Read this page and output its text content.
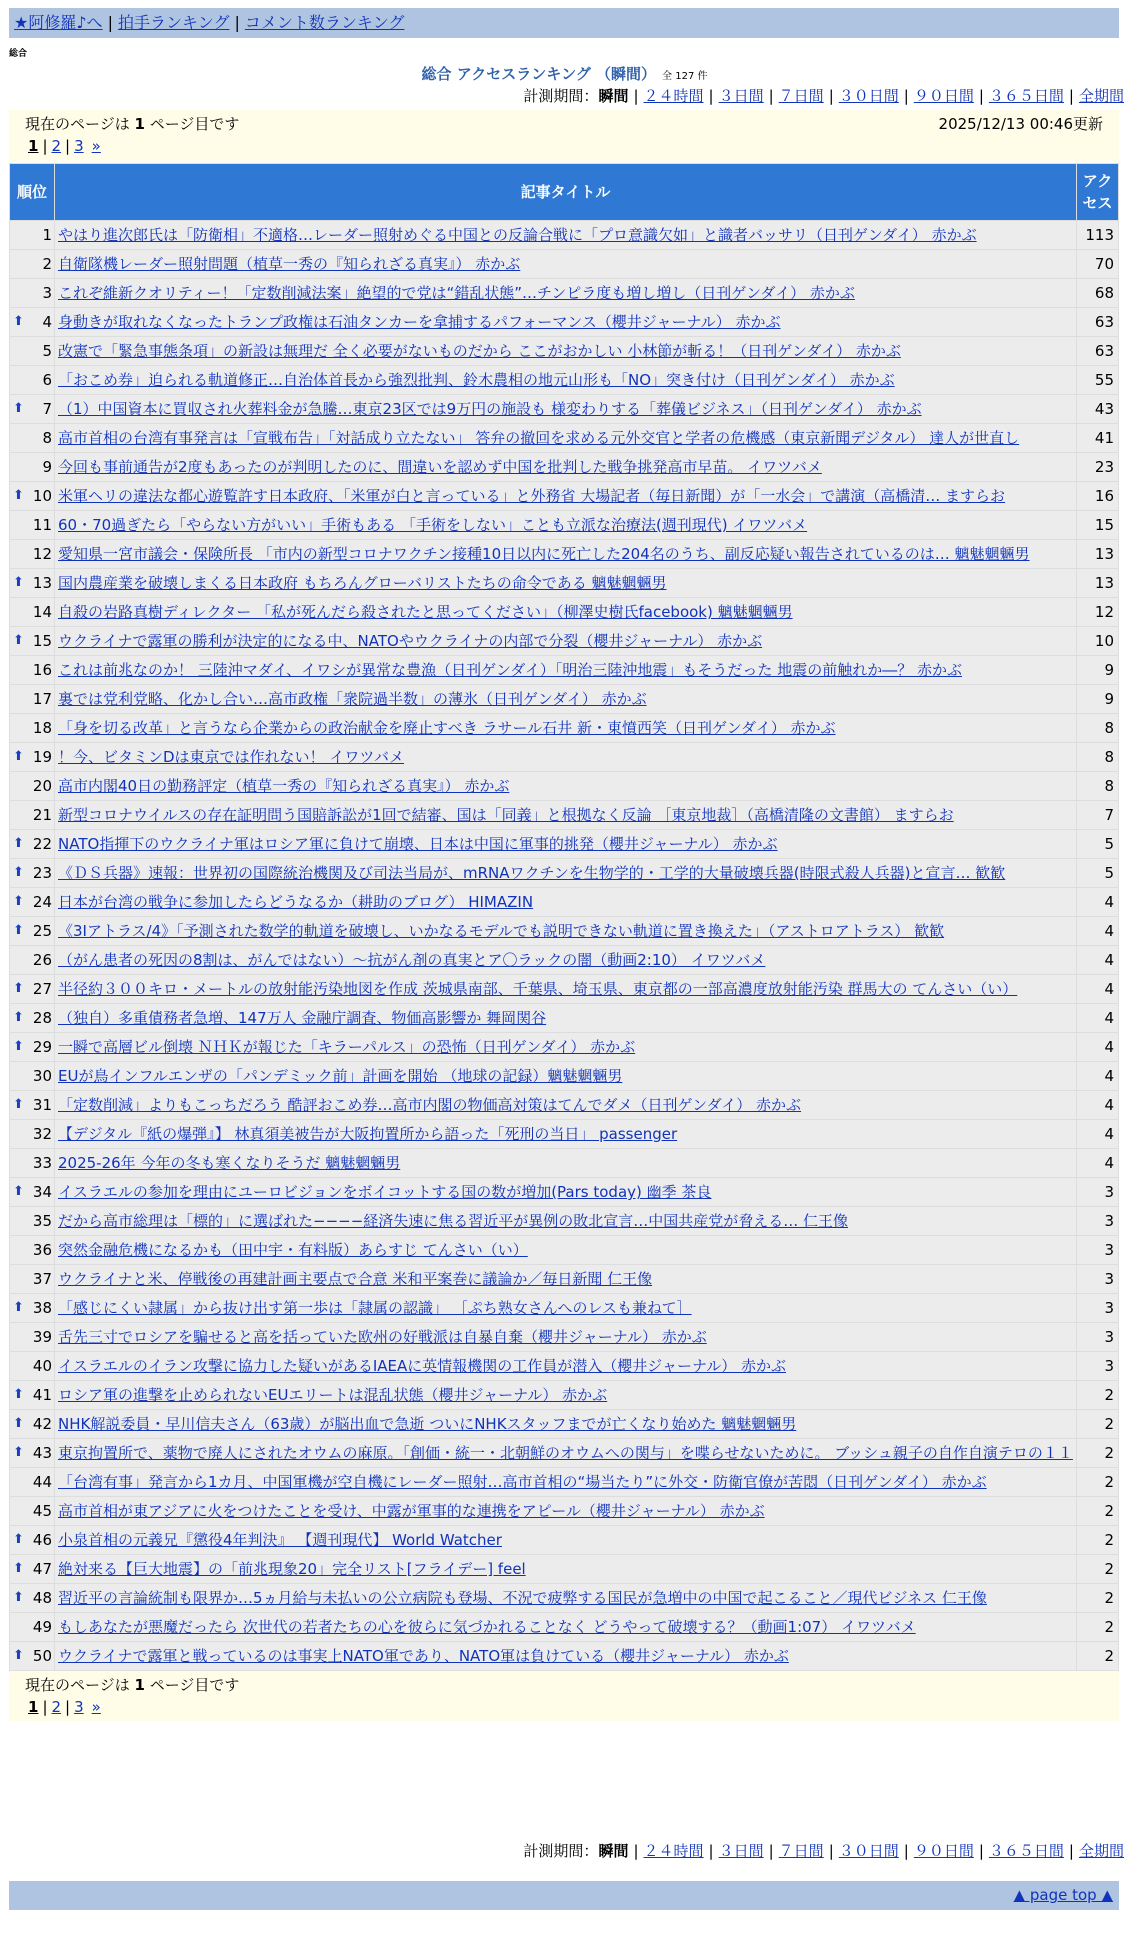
★阿修羅♪へ | 拍手ランキング | コメント数ランキング
総合
総合 アクセスランキング （瞬間） 全 127 件
計測期間：瞬間 | ２４時間 | ３日間 | ７日間 | ３０日間 | ９０日間 | ３６５日間 | 全期間
現在のページは 1 ページ目です	2025/12/13 00:46更新
1 | 2 | 3 »
順位	記事タイトル	アクセス
1	やはり進次郎氏は「防衛相」不適格…レーダー照射めぐる中国との反論合戦に「プロ意識欠如」と識者バッサリ（日刊ゲンダイ） 赤かぶ	113
2	自衛隊機レーダー照射問題（植草一秀の『知られざる真実』） 赤かぶ	70
3	これぞ維新クオリティー！「定数削減法案」絶望的で党は“錯乱状態”…チンピラ度も増し増し（日刊ゲンダイ） 赤かぶ	68

⬆ 4	身動きが取れなくなったトランプ政権は石油タンカーを拿捕するパフォーマンス（櫻井ジャーナル） 赤かぶ	63
5	改憲で「緊急事態条項」の新設は無理だ 全く必要がないものだから ここがおかしい 小林節が斬る！（日刊ゲンダイ） 赤かぶ	63
6	「おこめ券」迫られる軌道修正…自治体首長から強烈批判、鈴木農相の地元山形も「NO」突き付け（日刊ゲンダイ） 赤かぶ	55

⬆ 7	（1）中国資本に買収され火葬料金が急騰…東京23区では9万円の施設も 様変わりする「葬儀ビジネス」（日刊ゲンダイ） 赤かぶ	43
8	高市首相の台湾有事発言は「宣戦布告」「対話成り立たない」 答弁の撤回を求める元外交官と学者の危機感（東京新聞デジタル） 達人が世直し	41
9	今回も事前通告が2度もあったのが判明したのに、間違いを認めず中国を批判した戦争挑発高市早苗。 イワツバメ	23

⬆ 10	米軍ヘリの違法な都心遊覧許す日本政府、「米軍が白と言っている」と外務省 大場記者（毎日新聞）が「一水会」で講演（高橋清… ますらお	16
11	60・70過ぎたら「やらない方がいい」手術もある 「手術をしない」ことも立派な治療法(週刊現代) イワツバメ	15
12	愛知県一宮市議会・保険所長 「市内の新型コロナワクチン接種10日以内に死亡した204名のうち、副反応疑い報告されているのは… 魑魅魍魎男	13

⬆ 13	国内農産業を破壊しまくる日本政府 もちろんグローバリストたちの命令である 魑魅魍魎男	13
14	自殺の岩路真樹ディレクター 「私が死んだら殺されたと思ってください」（柳澤史樹氏facebook) 魑魅魍魎男	12

⬆ 15	ウクライナで露軍の勝利が決定的になる中、NATOやウクライナの内部で分裂（櫻井ジャーナル） 赤かぶ	10
16	これは前兆なのか！ 三陸沖マダイ、イワシが異常な豊漁（日刊ゲンダイ）「明治三陸沖地震」もそうだった 地震の前触れか―？ 赤かぶ	9
17	裏では党利党略、化かし合い…高市政権「衆院過半数」の薄氷（日刊ゲンダイ） 赤かぶ	9
18	「身を切る改革」と言うなら企業からの政治献金を廃止すべき ラサール石井 新・東憤西笑（日刊ゲンダイ） 赤かぶ	8

⬆ 19	！今、ビタミンDは東京では作れない！ イワツバメ	8
20	高市内閣40日の勤務評定（植草一秀の『知られざる真実』） 赤かぶ	8
21	新型コロナウイルスの存在証明問う国賠訴訟が1回で結審、国は「同義」と根拠なく反論 ［東京地裁］（高橋清隆の文書館） ますらお	7

⬆ 22	NATO指揮下のウクライナ軍はロシア軍に負けて崩壊、日本は中国に軍事的挑発（櫻井ジャーナル） 赤かぶ	5

⬆ 23	《ＤＳ兵器》速報：世界初の国際統治機関及び司法当局が、mRNAワクチンを生物学的・工学的大量破壊兵器(時限式殺人兵器)と宣言… 歓歓	5

⬆ 24	日本が台湾の戦争に参加したらどうなるか（耕助のブログ） HIMAZIN	4

⬆ 25	《3Iアトラス/4》「予測された数学的軌道を破壊し、いかなるモデルでも説明できない軌道に置き換えた」（アストロアトラス） 歓歓	4
26	（がん患者の死因の8割は、がんではない）～抗がん剤の真実とア〇ラックの闇（動画2:10） イワツバメ	4

⬆ 27	半径約３００キロ・メートルの放射能汚染地図を作成 茨城県南部、千葉県、埼玉県、東京都の一部高濃度放射能汚染 群馬大の てんさい（い）	4

⬆ 28	（独自）多重債務者急増、147万人 金融庁調査、物価高影響か 舞岡関谷	4

⬆ 29	一瞬で高層ビル倒壊 ＮＨＫが報じた「キラーパルス」の恐怖（日刊ゲンダイ） 赤かぶ	4
30	EUが鳥インフルエンザの「パンデミック前」計画を開始 （地球の記録）魑魅魍魎男	4

⬆ 31	「定数削減」よりもこっちだろう 酷評おこめ券…高市内閣の物価高対策はてんでダメ（日刊ゲンダイ） 赤かぶ	4
32	【デジタル『紙の爆弾』】 林真須美被告が大阪拘置所から語った「死刑の当日」 passenger	4
33	2025-26年 今年の冬も寒くなりそうだ 魑魅魍魎男	4

⬆ 34	イスラエルの参加を理由にユーロビジョンをボイコットする国の数が増加(Pars today) 幽季 茶良	3
35	だから高市総理は「標的」に選ばれた−−−−経済失速に焦る習近平が異例の敗北宣言…中国共産党が脅える… 仁王像	3
36	突然金融危機になるかも（田中宇・有料版）あらすじ てんさい（い）	3
37	ウクライナと米、停戦後の再建計画主要点で合意 米和平案巻に議論か／毎日新聞 仁王像	3

⬆ 38	「感じにくい隷属」から抜け出す第一歩は「隷属の認識」 ［ぷち熟女さんへのレスも兼ねて］	3
39	舌先三寸でロシアを騙せると高を括っていた欧州の好戦派は自暴自棄（櫻井ジャーナル） 赤かぶ	3
40	イスラエルのイラン攻撃に協力した疑いがあるIAEAに英情報機関の工作員が潜入（櫻井ジャーナル） 赤かぶ	3

⬆ 41	ロシア軍の進撃を止められないEUエリートは混乱状態（櫻井ジャーナル） 赤かぶ	2

⬆ 42	NHK解説委員・早川信夫さん（63歳）が脳出血で急逝 ついにNHKスタッフまでが亡くなり始めた 魑魅魍魎男	2

⬆ 43	東京拘置所で、薬物で廃人にされたオウムの麻原。「創価・統一・北朝鮮のオウムへの関与」を喋らせないために。 ブッシュ親子の自作自演テロの１１	2
44	「台湾有事」発言から1カ月、中国軍機が空自機にレーダー照射…高市首相の“場当たり”に外交・防衛官僚が苦悶（日刊ゲンダイ） 赤かぶ	2
45	高市首相が東アジアに火をつけたことを受け、中露が軍事的な連携をアピール（櫻井ジャーナル） 赤かぶ	2

⬆ 46	小泉首相の元義兄『懲役4年判決』 【週刊現代】 World Watcher	2

⬆ 47	絶対来る【巨大地震】の「前兆現象20」完全リスト[フライデー] feel	2

⬆ 48	習近平の言論統制も限界か…5ヵ月給与未払いの公立病院も登場、不況で疲弊する国民が急増中の中国で起こること／現代ビジネス 仁王像	2
49	もしあなたが悪魔だったら 次世代の若者たちの心を彼らに気づかれることなく どうやって破壊する？（動画1:07） イワツバメ	2

⬆ 50	ウクライナで露軍と戦っているのは事実上NATO軍であり、NATO軍は負けている（櫻井ジャーナル） 赤かぶ	2
計測期間：瞬間 | ２４時間 | ３日間 | ７日間 | ３０日間 | ９０日間 | ３６５日間 | 全期間
現在のページは 1 ページ目です
1 | 2 | 3 »
▲ page top ▲
